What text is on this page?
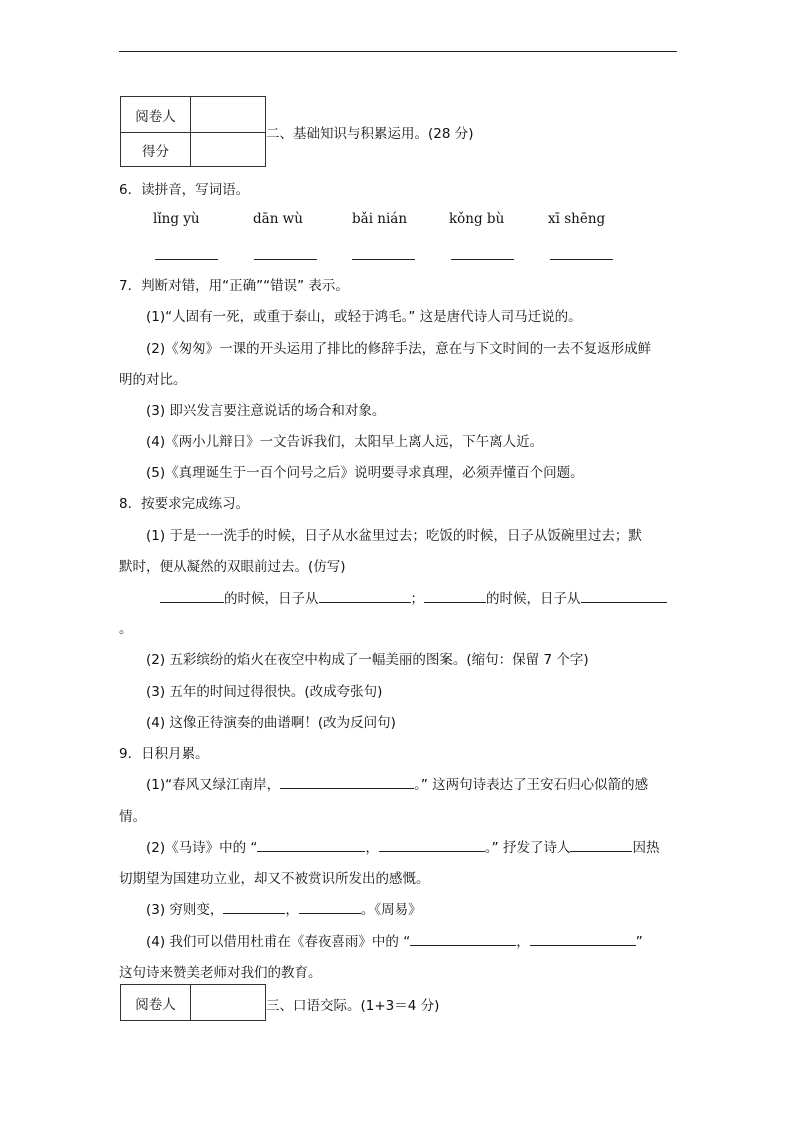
阅卷人	
得分	
二、基础知识与积累运用。(28 分)
6．读拼音，写词语。
lǐng yù	dān wù	bǎi nián	kǒng bù	xī shēng
7．判断对错，用“正确”“错误” 表示。
(1)“人固有一死，或重于泰山，或轻于鸿毛。” 这是唐代诗人司马迁说的。
(2)《匆匆》一课的开头运用了排比的修辞手法，意在与下文时间的一去不复返形成鲜
明的对比。
(3) 即兴发言要注意说话的场合和对象。
(4)《两小儿辩日》一文告诉我们，太阳早上离人远，下午离人近。
(5)《真理诞生于一百个问号之后》说明要寻求真理，必须弄懂百个问题。
8．按要求完成练习。
(1) 于是一一洗手的时候，日子从水盆里过去；吃饭的时候，日子从饭碗里过去；默
默时，便从凝然的双眼前过去。(仿写)
的时候，日子从	；	的时候，日子从
。
(2) 五彩缤纷的焰火在夜空中构成了一幅美丽的图案。(缩句：保留 7 个字)
(3) 五年的时间过得很快。(改成夸张句)
(4) 这像正待演奏的曲谱啊！(改为反问句)
9．日积月累。
(1)“春风又绿江南岸，	。” 这两句诗表达了王安石归心似箭的感
情。
(2)《马诗》中的 “	，	。” 抒发了诗人	因热
切期望为国建功立业，却又不被赏识所发出的感慨。
(3) 穷则变，	，	。《周易》
(4) 我们可以借用杜甫在《春夜喜雨》中的 “	，	”
这句诗来赞美老师对我们的教育。
阅卷人		三、口语交际。(1+3＝4 分)
